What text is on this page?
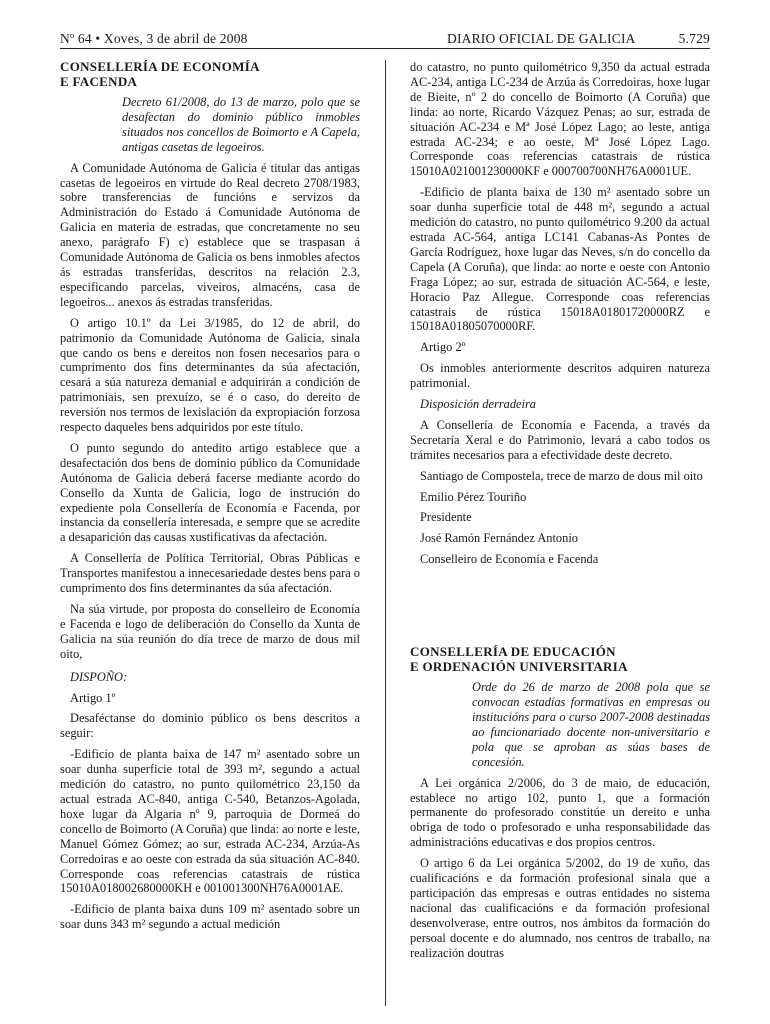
Nº 64 • Xoves, 3 de abril de 2008	DIARIO OFICIAL DE GALICIA	5.729
CONSELLERÍA DE ECONOMÍA
E FACENDA
Decreto 61/2008, do 13 de marzo, polo que se desafectan do dominio público inmobles situados nos concellos de Boimorto e A Capela, antigas casetas de legoeiros.

A Comunidade Autónoma de Galicia é titular das antigas casetas de legoeiros en virtude do Real decreto 2708/1983, sobre transferencias de funcións e servizos da Administración do Estado á Comunidade Autónoma de Galicia en materia de estradas, que concretamente no seu anexo, parágrafo F) c) establece que se traspasan á Comunidade Autónoma de Galicia os bens inmobles afectos ás estradas transferidas, descritos na relación 2.3, especificando parcelas, viveiros, almacéns, casa de legoeiros... anexos ás estradas transferidas.

O artigo 10.1º da Lei 3/1985, do 12 de abril, do patrimonio da Comunidade Autónoma de Galicia, sinala que cando os bens e dereitos non fosen necesarios para o cumprimento dos fins determinantes da súa afectación, cesará a súa natureza demanial e adquirirán a condición de patrimoniais, sen prexuízo, se é o caso, do dereito de reversión nos termos de lexislación da expropiación forzosa respecto daqueles bens adquiridos por este título.

O punto segundo do antedito artigo establece que a desafectación dos bens de dominio público da Comunidade Autónoma de Galicia deberá facerse mediante acordo do Consello da Xunta de Galicia, logo de instrución do expediente pola Consellería de Economía e Facenda, por instancia da consellería interesada, e sempre que se acredite a desaparición das causas xustificativas da afectación.

A Consellería de Política Territorial, Obras Públicas e Transportes manifestou a innecesariedade destes bens para o cumprimento dos fins determinantes da súa afectación.

Na súa virtude, por proposta do conselleiro de Economía e Facenda e logo de deliberación do Consello da Xunta de Galicia na súa reunión do día trece de marzo de dous mil oito,

DISPOÑO:

Artigo 1º

Desaféctanse do dominio público os bens descritos a seguir:

-Edificio de planta baixa de 147 m² asentado sobre un soar dunha superficie total de 393 m², segundo a actual medición do catastro, no punto quilométrico 23,150 da actual estrada AC-840, antiga C-540, Betanzos-Agolada, hoxe lugar da Algaria nº 9, parroquia de Dormeá do concello de Boimorto (A Coruña) que linda: ao norte e leste, Manuel Gómez Gómez; ao sur, estrada AC-234, Arzúa-As Corredoiras e ao oeste con estrada da súa situación AC-840. Corresponde coas referencias catastrais de rústica 15010A018002680000KH e 001001300NH76A0001AE.

-Edificio de planta baixa duns 109 m² asentado sobre un soar duns 343 m² segundo a actual medición

do catastro, no punto quilométrico 9,350 da actual estrada AC-234, antiga LC-234 de Arzúa ás Corredoiras, hoxe lugar de Bieite, nº 2 do concello de Boimorto (A Coruña) que linda: ao norte, Ricardo Vázquez Penas; ao sur, estrada de situación AC-234 e Mª José López Lago; ao leste, antiga estrada AC-234; e ao oeste, Mª José López Lago. Corresponde coas referencias catastrais de rústica 15010A021001230000KF e 000700700NH76A0001UE.

-Edificio de planta baixa de 130 m² asentado sobre un soar dunha superficie total de 448 m², segundo a actual medición do catastro, no punto quilométrico 9.200 da actual estrada AC-564, antiga LC141 Cabanas-As Pontes de García Rodríguez, hoxe lugar das Neves, s/n do concello da Capela (A Coruña), que linda: ao norte e oeste con Antonio Fraga López; ao sur, estrada de situación AC-564, e leste, Horacio Paz Allegue. Corresponde coas referencias catastrais de rústica 15018A01801720000RZ e 15018A01805070000RF.

Artigo 2º

Os inmobles anteriormente descritos adquiren natureza patrimonial.

Disposición derradeira

A Consellería de Economía e Facenda, a través da Secretaría Xeral e do Patrimonio, levará a cabo todos os trámites necesarios para a efectividade deste decreto.

Santiago de Compostela, trece de marzo de dous mil oito

Emilio Pérez Touriño

Presidente

José Ramón Fernández Antonio

Conselleiro de Economía e Facenda

CONSELLERÍA DE EDUCACIÓN
E ORDENACIÓN UNIVERSITARIA
Orde do 26 de marzo de 2008 pola que se convocan estadías formativas en empresas ou institucións para o curso 2007-2008 destinadas ao funcionariado docente non-universitario e pola que se aproban as súas bases de concesión.

A Lei orgánica 2/2006, do 3 de maio, de educación, establece no artigo 102, punto 1, que a formación permanente do profesorado constitúe un dereito e unha obriga de todo o profesorado e unha responsabilidade das administracións educativas e dos propios centros.

O artigo 6 da Lei orgánica 5/2002, do 19 de xuño, das cualificacións e da formación profesional sinala que a participación das empresas e outras entidades no sistema nacional das cualificacións e da formación profesional desenvolverase, entre outros, nos ámbitos da formación do persoal docente e do alumnado, nos centros de traballo, na realización doutras
